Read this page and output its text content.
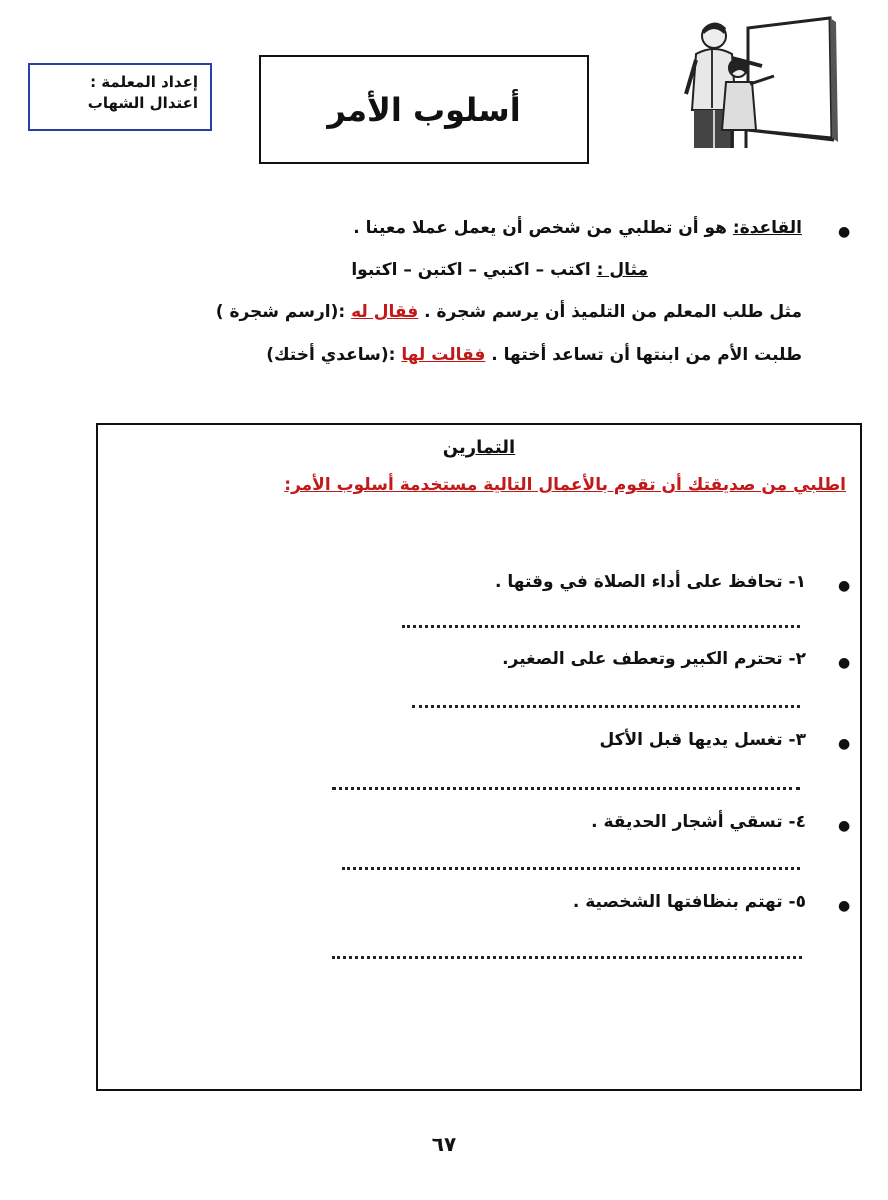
إعداد المعلمة :
اعتدال الشهاب	أسلوب الأمر
●
القاعدة: هو أن تطلبي من شخص أن يعمل عملا معينا .
مثال : اكتب – اكتبي – اكتبن – اكتبوا
مثل طلب المعلم من التلميذ أن يرسم شجرة . فقال له :(ارسم شجرة )
طلبت الأم من ابنتها أن تساعد أختها . فقالت لها :(ساعدي أختك)
التمارين
اطلبي من صديقتك أن تقوم بالأعمال التالية مستخدمة أسلوب الأمر:
●
١- تحافظ على أداء الصلاة في وقتها .
●
٢- تحترم الكبير وتعطف على الصغير.
●
٣- تغسل يديها قبل الأكل
●
٤- تسقي أشجار الحديقة .
●
٥- تهتم بنظافتها الشخصية .
٦٧
